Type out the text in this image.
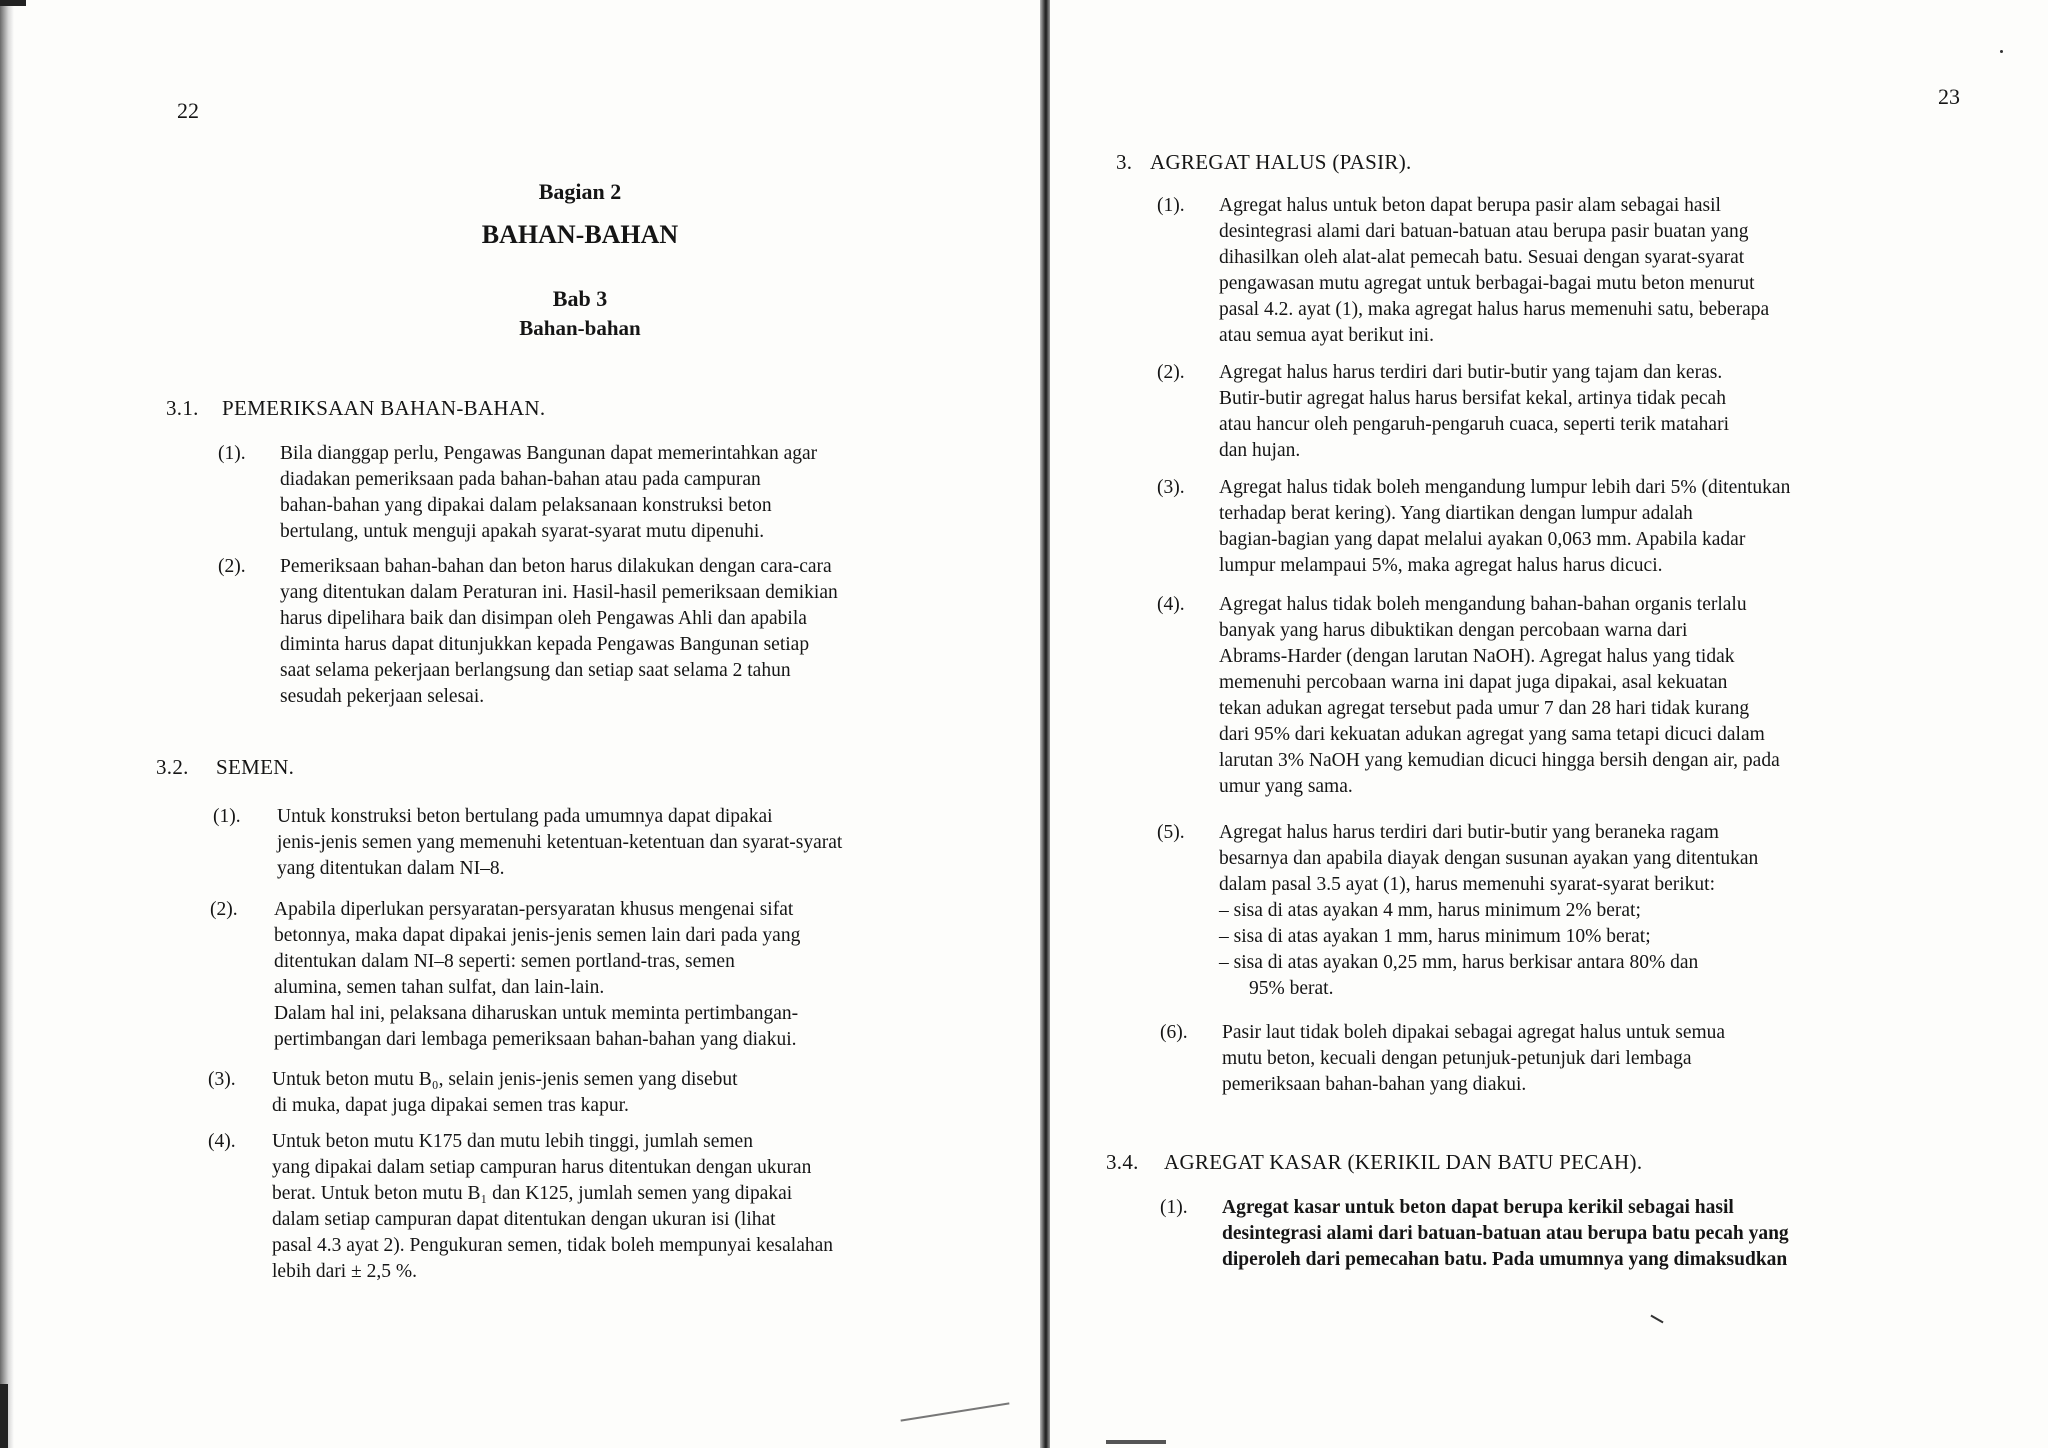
22
Bagian 2
BAHAN-BAHAN
Bab 3
Bahan-bahan
3.1. PEMERIKSAAN BAHAN-BAHAN.
(1). Bila dianggap perlu, Pengawas Bangunan dapat memerintahkan agar
diadakan pemeriksaan pada bahan-bahan atau pada campuran
bahan-bahan yang dipakai dalam pelaksanaan konstruksi beton
bertulang, untuk menguji apakah syarat-syarat mutu dipenuhi.
(2). Pemeriksaan bahan-bahan dan beton harus dilakukan dengan cara-cara
yang ditentukan dalam Peraturan ini. Hasil-hasil pemeriksaan demikian
harus dipelihara baik dan disimpan oleh Pengawas Ahli dan apabila
diminta harus dapat ditunjukkan kepada Pengawas Bangunan setiap
saat selama pekerjaan berlangsung dan setiap saat selama 2 tahun
sesudah pekerjaan selesai.
3.2. SEMEN.
(1). Untuk konstruksi beton bertulang pada umumnya dapat dipakai
jenis-jenis semen yang memenuhi ketentuan-ketentuan dan syarat-syarat
yang ditentukan dalam NI–8.
(2). Apabila diperlukan persyaratan-persyaratan khusus mengenai sifat
betonnya, maka dapat dipakai jenis-jenis semen lain dari pada yang
ditentukan dalam NI–8 seperti: semen portland-tras, semen
alumina, semen tahan sulfat, dan lain-lain.
Dalam hal ini, pelaksana diharuskan untuk meminta pertimbangan-
pertimbangan dari lembaga pemeriksaan bahan-bahan yang diakui.
(3). Untuk beton mutu B₀, selain jenis-jenis semen yang disebut
di muka, dapat juga dipakai semen tras kapur.
(4). Untuk beton mutu K175 dan mutu lebih tinggi, jumlah semen
yang dipakai dalam setiap campuran harus ditentukan dengan ukuran
berat. Untuk beton mutu B₁ dan K125, jumlah semen yang dipakai
dalam setiap campuran dapat ditentukan dengan ukuran isi (lihat
pasal 4.3 ayat 2). Pengukuran semen, tidak boleh mempunyai kesalahan
lebih dari ± 2,5 %.
23
3. AGREGAT HALUS (PASIR).
(1). Agregat halus untuk beton dapat berupa pasir alam sebagai hasil
desintegrasi alami dari batuan-batuan atau berupa pasir buatan yang
dihasilkan oleh alat-alat pemecah batu. Sesuai dengan syarat-syarat
pengawasan mutu agregat untuk berbagai-bagai mutu beton menurut
pasal 4.2. ayat (1), maka agregat halus harus memenuhi satu, beberapa
atau semua ayat berikut ini.
(2). Agregat halus harus terdiri dari butir-butir yang tajam dan keras.
Butir-butir agregat halus harus bersifat kekal, artinya tidak pecah
atau hancur oleh pengaruh-pengaruh cuaca, seperti terik matahari
dan hujan.
(3). Agregat halus tidak boleh mengandung lumpur lebih dari 5% (ditentukan
terhadap berat kering). Yang diartikan dengan lumpur adalah
bagian-bagian yang dapat melalui ayakan 0,063 mm. Apabila kadar
lumpur melampaui 5%, maka agregat halus harus dicuci.
(4). Agregat halus tidak boleh mengandung bahan-bahan organis terlalu
banyak yang harus dibuktikan dengan percobaan warna dari
Abrams-Harder (dengan larutan NaOH). Agregat halus yang tidak
memenuhi percobaan warna ini dapat juga dipakai, asal kekuatan
tekan adukan agregat tersebut pada umur 7 dan 28 hari tidak kurang
dari 95% dari kekuatan adukan agregat yang sama tetapi dicuci dalam
larutan 3% NaOH yang kemudian dicuci hingga bersih dengan air, pada
umur yang sama.
(5). Agregat halus harus terdiri dari butir-butir yang beraneka ragam
besarnya dan apabila diayak dengan susunan ayakan yang ditentukan
dalam pasal 3.5 ayat (1), harus memenuhi syarat-syarat berikut:
– sisa di atas ayakan 4 mm, harus minimum 2% berat;
– sisa di atas ayakan 1 mm, harus minimum 10% berat;
– sisa di atas ayakan 0,25 mm, harus berkisar antara 80% dan
95% berat.
(6). Pasir laut tidak boleh dipakai sebagai agregat halus untuk semua
mutu beton, kecuali dengan petunjuk-petunjuk dari lembaga
pemeriksaan bahan-bahan yang diakui.
3.4. AGREGAT KASAR (KERIKIL DAN BATU PECAH).
(1). Agregat kasar untuk beton dapat berupa kerikil sebagai hasil
desintegrasi alami dari batuan-batuan atau berupa batu pecah yang
diperoleh dari pemecahan batu. Pada umumnya yang dimaksudkan
